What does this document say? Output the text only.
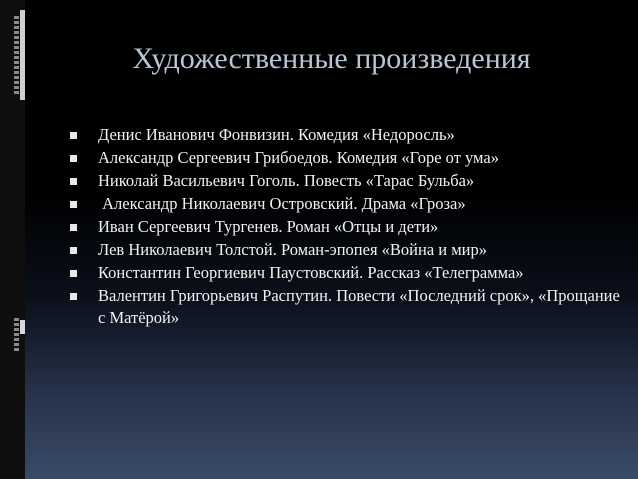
Художественные произведения
Денис Иванович Фонвизин. Комедия «Недоросль»
Александр Сергеевич Грибоедов. Комедия «Горе от ума»
Николай Васильевич Гоголь. Повесть «Тарас Бульба»
Александр Николаевич Островский. Драма «Гроза»
Иван Сергеевич Тургенев. Роман «Отцы и дети»
Лев Николаевич Толстой. Роман-эпопея «Война и мир»
Константин Георгиевич Паустовский. Рассказ «Телеграмма»
Валентин Григорьевич Распутин. Повести «Последний срок», «Прощание с Матёрой»
